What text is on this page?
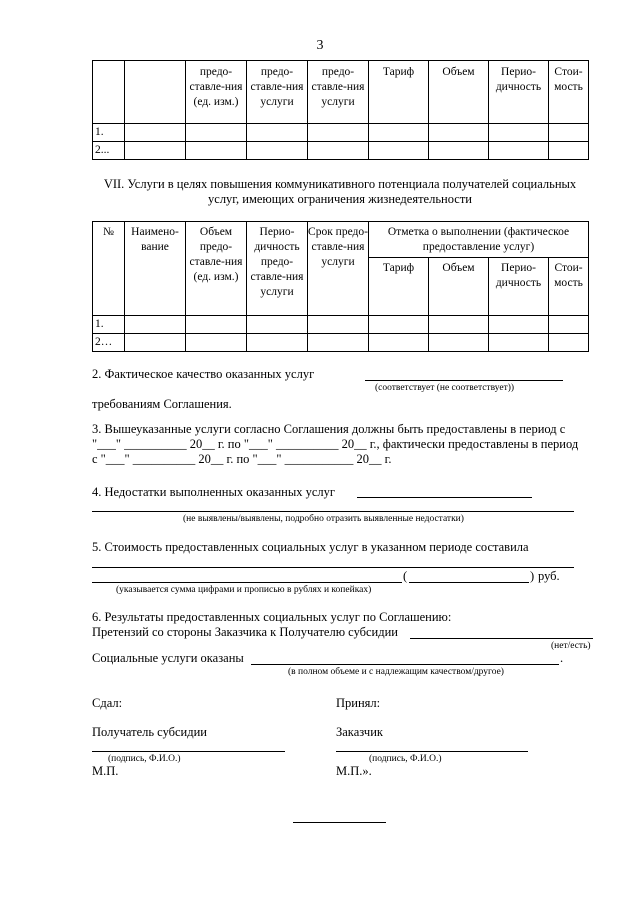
3
		предо-ставле-ния (ед. изм.)	предо-ставле-ния услуги	предо-ставле-ния услуги	Тариф	Объем	Перио-дичность	Стои-мость
1.								
2...								
VII. Услуги в целях повышения коммуникативного потенциала получателей социальных услуг, имеющих ограничения жизнедеятельности
№	Наимено-вание	Объем предо-ставле-ния (ед. изм.)	Перио-дичность предо-ставле-ния услуги	Срок предо-ставле-ния услуги	Отметка о выполнении (фактическое предоставление услуг)			
					Тариф	Объем	Перио-дичность	Стои-мость
1.								
2…								
2. Фактическое качество оказанных услуг
(соответствует (не соответствует))
требованиям Соглашения.
3. Вышеуказанные услуги согласно Соглашения должны быть предоставлены в период с
"___" __________ 20__ г. по "___" __________ 20__ г., фактически предоставлены в период
с "___" __________ 20__ г. по "___" ___________ 20__ г.
4. Недостатки выполненных оказанных услуг
(не выявлены/выявлены, подробно отразить выявленные недостатки)
5. Стоимость предоставленных социальных услуг в указанном периоде составила
(	) руб.
(указывается сумма цифрами и прописью в рублях и копейках)
6. Результаты предоставленных социальных услуг по Соглашению:
Претензий со стороны Заказчика к Получателю субсидии
(нет/есть)
Социальные услуги оказаны	.
(в полном объеме и с надлежащим качеством/другое)
Сдал:
Получатель субсидии
(подпись, Ф.И.О.)
М.П.
Принял:
Заказчик
(подпись, Ф.И.О.)
М.П.».
